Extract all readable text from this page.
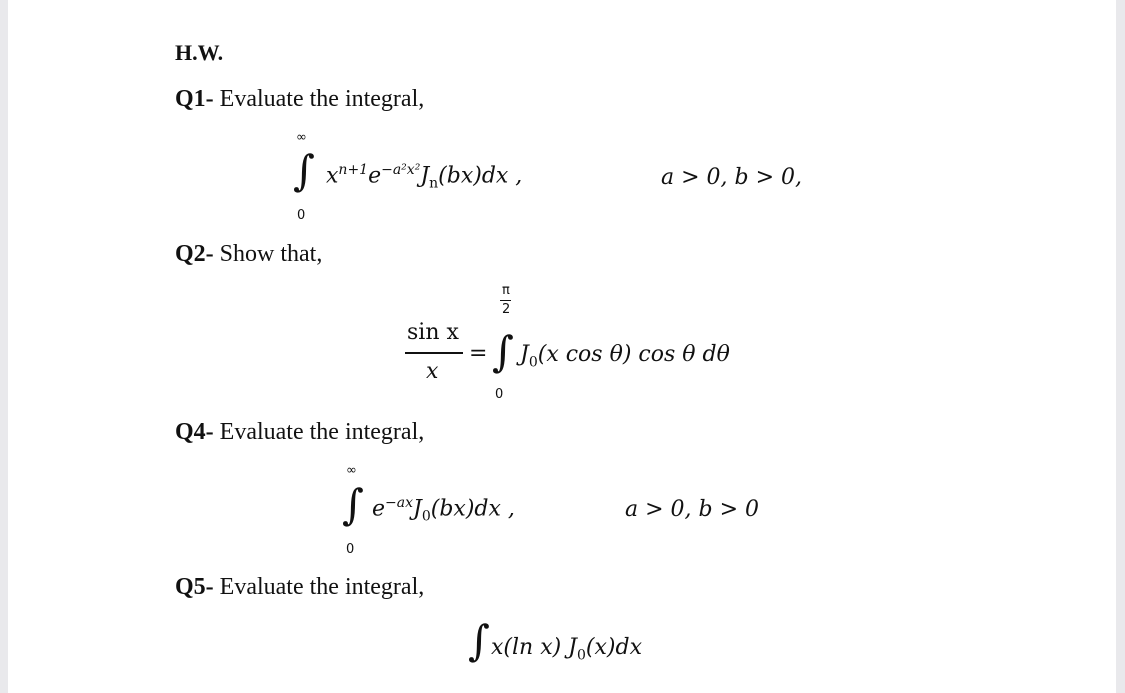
H.W.
Q1- Evaluate the integral,
∞
∫
0
$x^{n+1}e^{-a^2x^2}J_n(bx)dx$ ,	a > 0, b > 0,
Q2- Show that,
sin x
x
=
π
2
∫
0
$J_0(x$ cos θ) cos θ dθ
Q4- Evaluate the integral,
∞
∫
0
$e^{-ax}J_0(bx)dx$ ,	a > 0, b > 0
Q5- Evaluate the integral,
∫ x(ln x) $J_0(x)dx$
